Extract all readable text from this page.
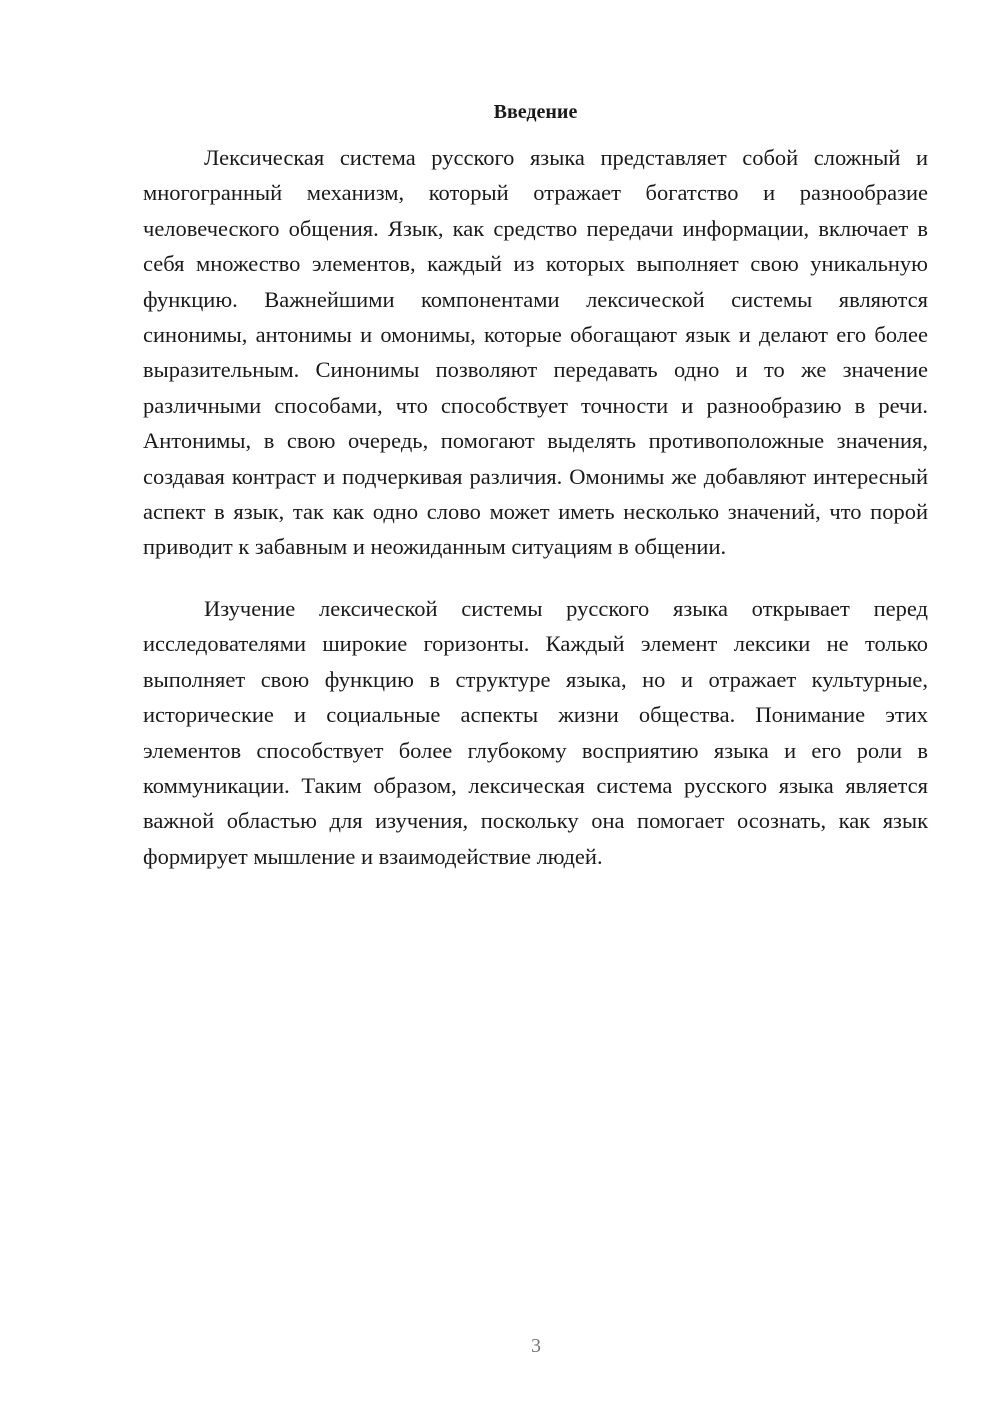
Введение

Лексическая система русского языка представляет собой сложный и многогранный механизм, который отражает богатство и разнообразие человеческого общения. Язык, как средство передачи информации, включает в себя множество элементов, каждый из которых выполняет свою уникальную функцию. Важнейшими компонентами лексической системы являются синонимы, антонимы и омонимы, которые обогащают язык и делают его более выразительным. Синонимы позволяют передавать одно и то же значение различными способами, что способствует точности и разнообразию в речи. Антонимы, в свою очередь, помогают выделять противоположные значения, создавая контраст и подчеркивая различия. Омонимы же добавляют интересный аспект в язык, так как одно слово может иметь несколько значений, что порой приводит к забавным и неожиданным ситуациям в общении.

Изучение лексической системы русского языка открывает перед исследователями широкие горизонты. Каждый элемент лексики не только выполняет свою функцию в структуре языка, но и отражает культурные, исторические и социальные аспекты жизни общества. Понимание этих элементов способствует более глубокому восприятию языка и его роли в коммуникации. Таким образом, лексическая система русского языка является важной областью для изучения, поскольку она помогает осознать, как язык формирует мышление и взаимодействие людей.

3
